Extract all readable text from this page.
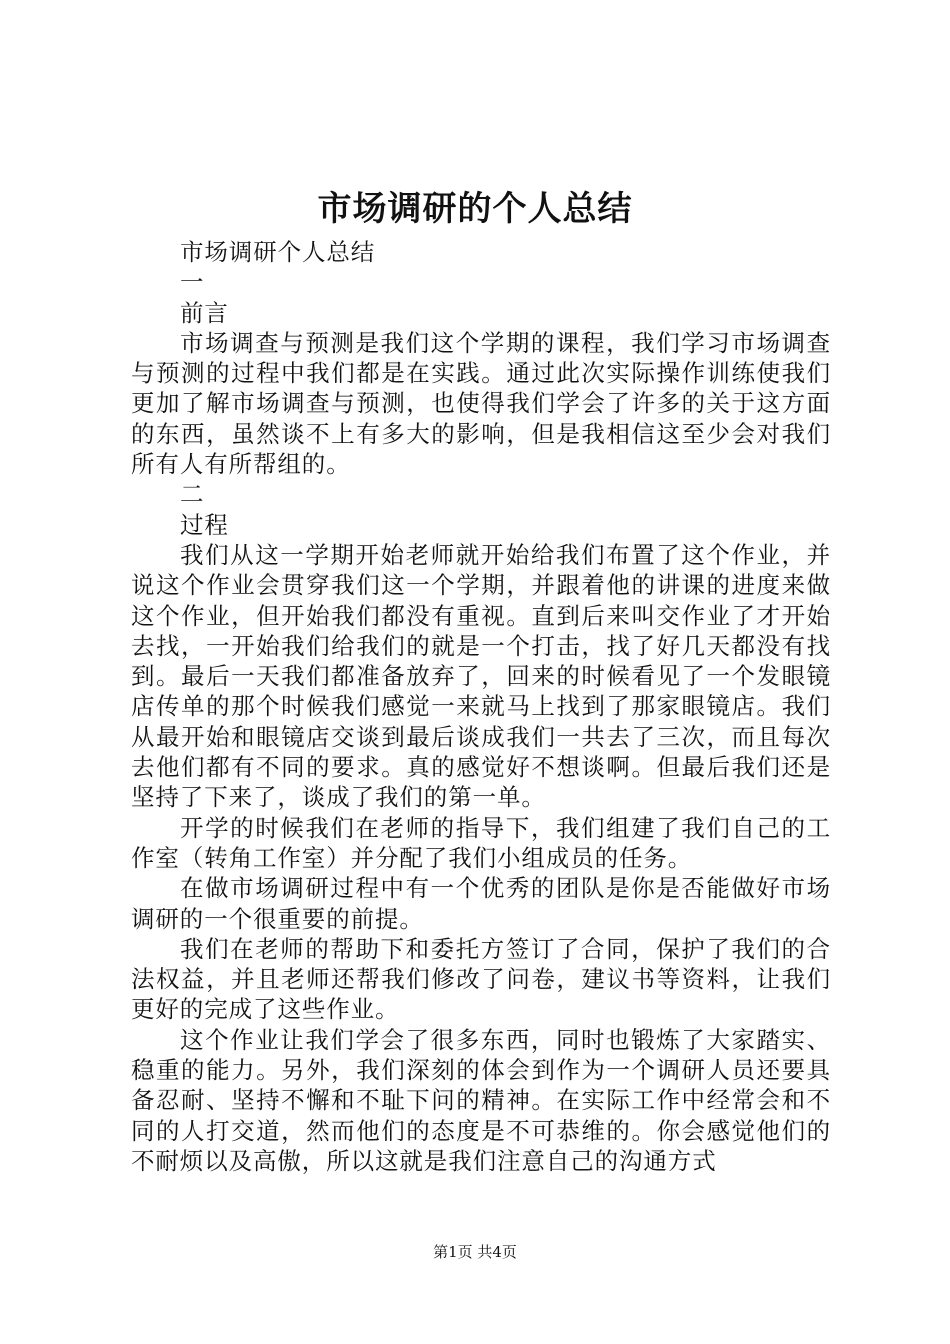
市场调研的个人总结

市场调研个人总结

一

前言

市场调查与预测是我们这个学期的课程，我们学习市场调查与预测的过程中我们都是在实践。通过此次实际操作训练使我们更加了解市场调查与预测，也使得我们学会了许多的关于这方面的东西，虽然谈不上有多大的影响，但是我相信这至少会对我们所有人有所帮组的。

二

过程

我们从这一学期开始老师就开始给我们布置了这个作业，并说这个作业会贯穿我们这一个学期，并跟着他的讲课的进度来做这个作业，但开始我们都没有重视。直到后来叫交作业了才开始去找，一开始我们给我们的就是一个打击，找了好几天都没有找到。最后一天我们都准备放弃了，回来的时候看见了一个发眼镜店传单的那个时候我们感觉一来就马上找到了那家眼镜店。我们从最开始和眼镜店交谈到最后谈成我们一共去了三次，而且每次去他们都有不同的要求。真的感觉好不想谈啊。但最后我们还是坚持了下来了，谈成了我们的第一单。

开学的时候我们在老师的指导下，我们组建了我们自己的工作室（转角工作室）并分配了我们小组成员的任务。

在做市场调研过程中有一个优秀的团队是你是否能做好市场调研的一个很重要的前提。

我们在老师的帮助下和委托方签订了合同，保护了我们的合法权益，并且老师还帮我们修改了问卷，建议书等资料，让我们更好的完成了这些作业。

这个作业让我们学会了很多东西，同时也锻炼了大家踏实、稳重的能力。另外，我们深刻的体会到作为一个调研人员还要具备忍耐、坚持不懈和不耻下问的精神。在实际工作中经常会和不同的人打交道，然而他们的态度是不可恭维的。你会感觉他们的不耐烦以及高傲，所以这就是我们注意自己的沟通方式

第1页 共4页
